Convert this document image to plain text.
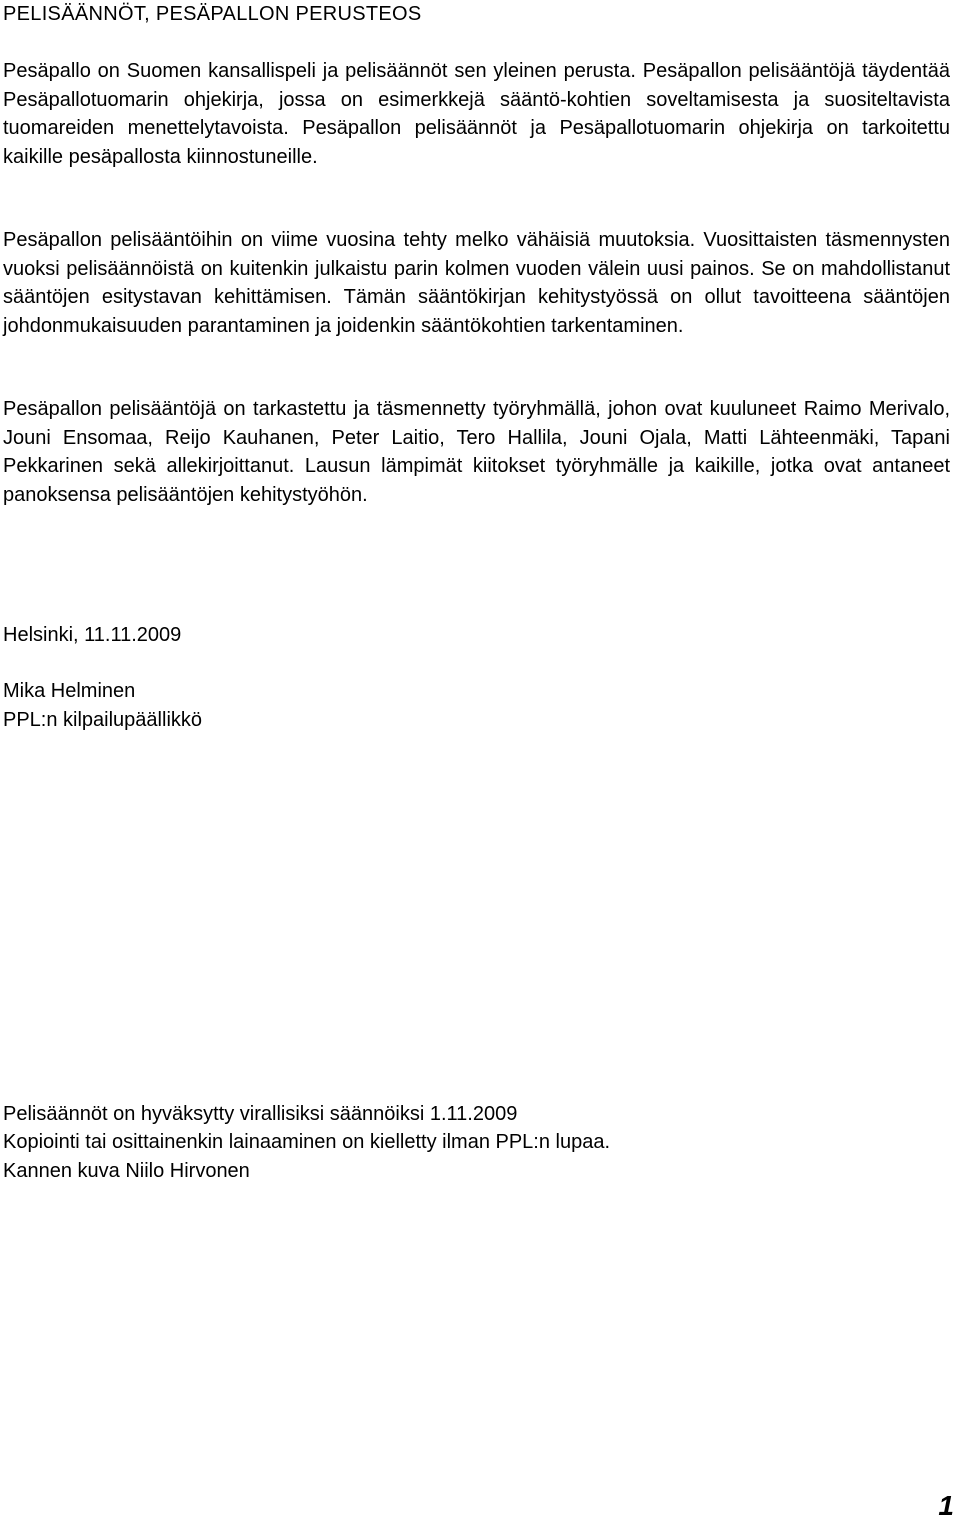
PELISÄÄNNÖT, PESÄPALLON PERUSTEOS

Pesäpallo on Suomen kansallispeli ja pelisäännöt sen yleinen perusta. Pesäpallon pelisääntöjä täydentää Pesäpallotuomarin ohjekirja, jossa on esimerkkejä sääntö-kohtien soveltamisesta ja suositeltavista tuomareiden menettelytavoista. Pesäpallon pelisäännöt ja Pesäpallotuomarin ohjekirja on tarkoitettu kaikille pesäpallosta kiinnostuneille.

Pesäpallon pelisääntöihin on viime vuosina tehty melko vähäisiä muutoksia. Vuosittaisten täsmennysten vuoksi pelisäännöistä on kuitenkin julkaistu parin kolmen vuoden välein uusi painos. Se on mahdollistanut sääntöjen esitystavan kehittämisen. Tämän sääntökirjan kehitystyössä on ollut tavoitteena sääntöjen johdonmukaisuuden parantaminen ja joidenkin sääntökohtien tarkentaminen.

Pesäpallon pelisääntöjä on tarkastettu ja täsmennetty työryhmällä, johon ovat kuuluneet Raimo Merivalo, Jouni Ensomaa, Reijo Kauhanen, Peter Laitio, Tero Hallila, Jouni Ojala, Matti Lähteenmäki, Tapani Pekkarinen sekä allekirjoittanut. Lausun lämpimät kiitokset työryhmälle ja kaikille, jotka ovat antaneet panoksensa pelisääntöjen kehitystyöhön.

Helsinki, 11.11.2009
Mika Helminen
PPL:n kilpailupäällikkö
Pelisäännöt on hyväksytty virallisiksi säännöiksi 1.11.2009
Kopiointi tai osittainenkin lainaaminen on kielletty ilman PPL:n lupaa.
Kannen kuva Niilo Hirvonen
1
